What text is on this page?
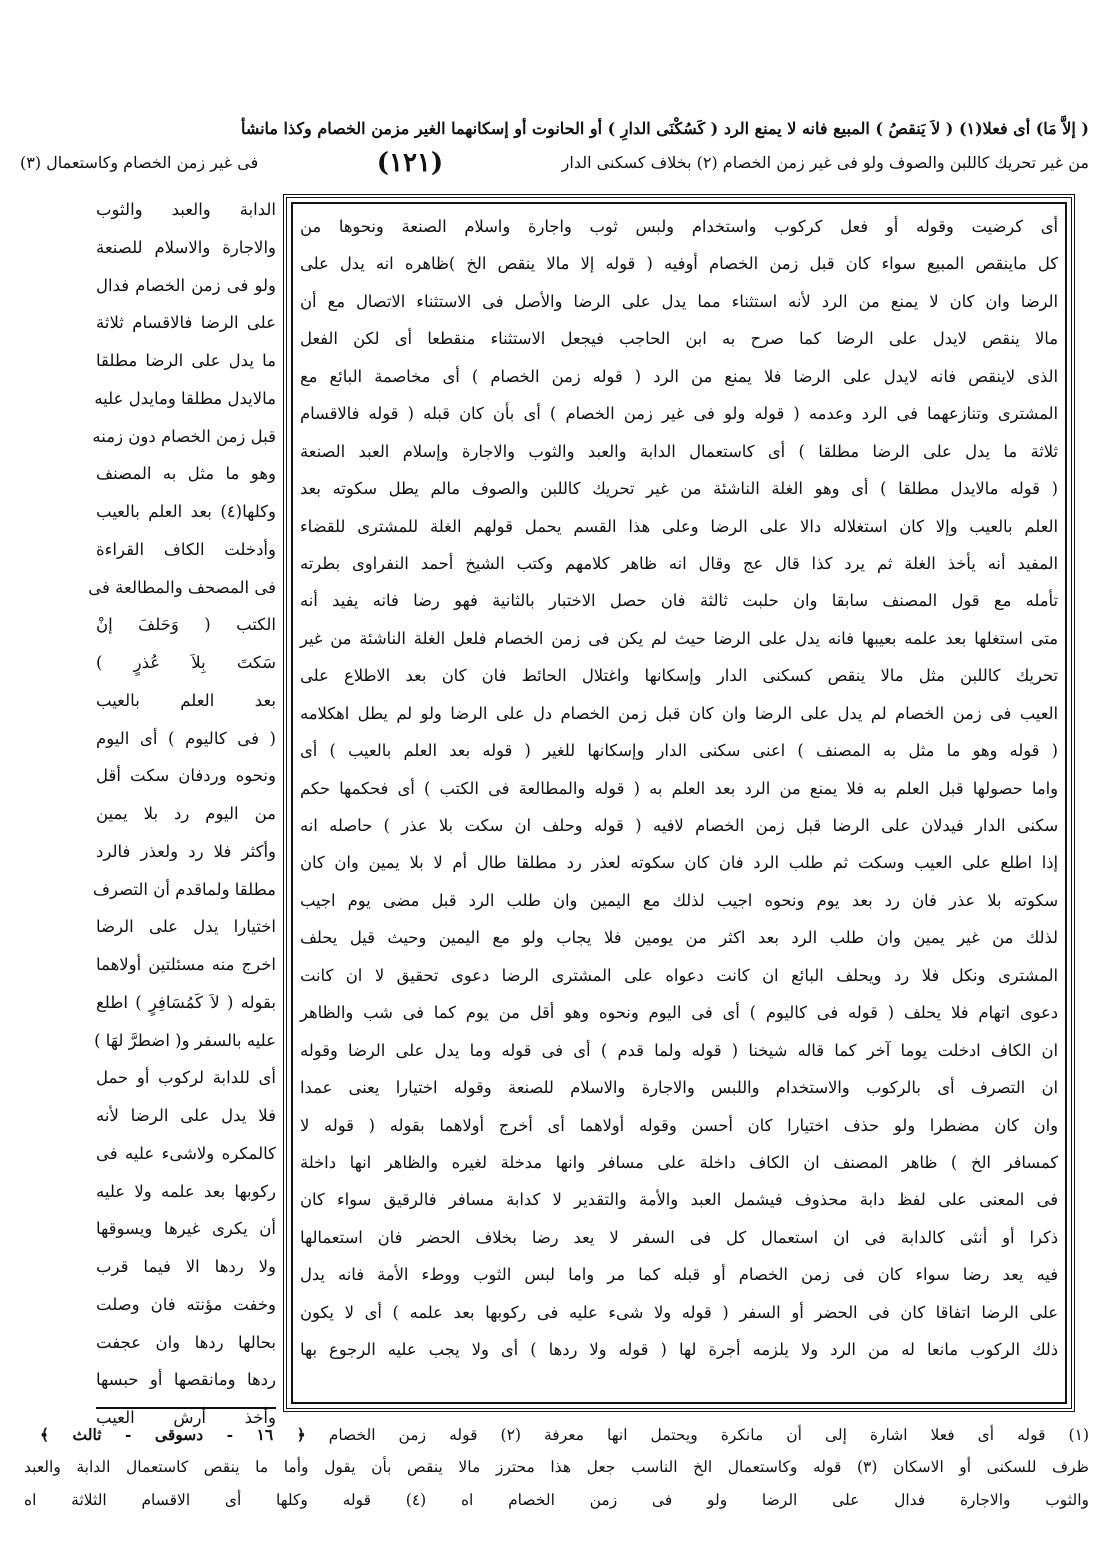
( إلاَّ مَا) أى فعلا(١) ( لاَ يَنقصُ ) المبيع فانه لا يمنع الرد ( كَسُكْنَى الدارِ ) أو الحانوت أو إسكانهما الغير مزمن الخصام وكذا مانشأ
من غير تحريك كاللبن والصوف ولو فى غير زمن الخصام (٢) بخلاف كسكنى الدار
(١٢١)
فى غير زمن الخصام وكاستعمال (٣)

أى كرضيت وقوله أو فعل كركوب واستخدام ولبس ثوب واجارة واسلام الصنعة ونحوها من

كل ماينقص المبيع سواء كان قبل زمن الخصام أوفيه ( قوله إلا مالا ينقص الخ )ظاهره انه يدل على

الرضا وان كان لا يمنع من الرد لأنه استثناء مما يدل على الرضا والأصل فى الاستثناء الاتصال مع أن

مالا ينقص لايدل على الرضا كما صرح به ابن الحاجب فيجعل الاستثناء منقطعا أى لكن الفعل

الذى لاينقص فانه لايدل على الرضا فلا يمنع من الرد ( قوله زمن الخصام ) أى مخاصمة البائع مع

المشترى وتنازعهما فى الرد وعدمه ( قوله ولو فى غير زمن الخصام ) أى بأن كان قبله ( قوله فالاقسام

ثلاثة ما يدل على الرضا مطلقا ) أى كاستعمال الدابة والعبد والثوب والاجارة وإسلام العبد الصنعة

( قوله مالايدل مطلقا ) أى وهو الغلة الناشئة من غير تحريك كاللبن والصوف مالم يطل سكوته بعد

العلم بالعيب وإلا كان استغلاله دالا على الرضا وعلى هذا القسم يحمل قولهم الغلة للمشترى للقضاء

المفيد أنه يأخذ الغلة ثم يرد كذا قال عج وقال انه ظاهر كلامهم وكتب الشيخ أحمد النفراوى بطرته

تأمله مع قول المصنف سابقا وان حلبت ثالثة فان حصل الاختبار بالثانية فهو رضا فانه يفيد أنه

متى استغلها بعد علمه بعيبها فانه يدل على الرضا حيث لم يكن فى زمن الخصام فلعل الغلة الناشئة من غير

تحريك كاللبن مثل مالا ينقص كسكنى الدار وإسكانها واغتلال الحائط فان كان بعد الاطلاع على

العيب فى زمن الخصام لم يدل على الرضا وان كان قبل زمن الخصام دل على الرضا ولو لم يطل اهكلامه

( قوله وهو ما مثل به المصنف ) اعنى سكنى الدار وإسكانها للغير ( قوله بعد العلم بالعيب ) أى

واما حصولها قبل العلم به فلا يمنع من الرد بعد العلم به ( قوله والمطالعة فى الكتب ) أى فحكمها حكم

سكنى الدار فيدلان على الرضا قبل زمن الخصام لافيه ( قوله وحلف ان سكت بلا عذر ) حاصله انه

إذا اطلع على العيب وسكت ثم طلب الرد فان كان سكوته لعذر رد مطلقا طال أم لا بلا يمين وان كان

سكوته بلا عذر فان رد بعد يوم ونحوه اجيب لذلك مع اليمين وان طلب الرد قبل مضى يوم اجيب

لذلك من غير يمين وان طلب الرد بعد اكثر من يومين فلا يجاب ولو مع اليمين وحيث قيل يحلف

المشترى ونكل فلا رد ويحلف البائع ان كانت دعواه على المشترى الرضا دعوى تحقيق لا ان كانت

دعوى اتهام فلا يحلف ( قوله فى كاليوم ) أى فى اليوم ونحوه وهو أقل من يوم كما فى شب والظاهر

ان الكاف ادخلت يوما آخر كما قاله شيخنا ( قوله ولما قدم ) أى فى قوله وما يدل على الرضا وقوله

ان التصرف أى بالركوب والاستخدام واللبس والاجارة والاسلام للصنعة وقوله اختيارا يعنى عمدا

وان كان مضطرا ولو حذف اختيارا كان أحسن وقوله أولاهما أى أخرج أولاهما بقوله ( قوله لا

كمسافر الخ ) ظاهر المصنف ان الكاف داخلة على مسافر وانها مدخلة لغيره والظاهر انها داخلة

فى المعنى على لفظ دابة محذوف فيشمل العبد والأمة والتقدير لا كدابة مسافر فالرقيق سواء كان

ذكرا أو أنثى كالدابة فى ان استعمال كل فى السفر لا يعد رضا بخلاف الحضر فان استعمالها

فيه يعد رضا سواء كان فى زمن الخصام أو قبله كما مر واما لبس الثوب ووطء الأمة فانه يدل

على الرضا اتفاقا كان فى الحضر أو السفر ( قوله ولا شىء عليه فى ركوبها بعد علمه ) أى لا يكون

ذلك الركوب مانعا له من الرد ولا يلزمه أجرة لها ( قوله ولا ردها ) أى ولا يجب عليه الرجوع بها

الدابة والعبد والثوب

والاجارة والاسلام للصنعة

ولو فى زمن الخصام فدال

على الرضا فالاقسام ثلاثة

ما يدل على الرضا مطلقا

مالايدل مطلقا ومايدل عليه

قبل زمن الخصام دون زمنه

وهو ما مثل به المصنف

وكلها(٤) بعد العلم بالعيب

وأدخلت الكاف القراءة

فى المصحف والمطالعة فى

الكتب ( وَحَلفَ إنْ

سَكتَ بِلاَ عُذرٍ )

بعد العلم بالعيب

( فى كاليوم ) أى اليوم

ونحوه وردفان سكت أقل

من اليوم رد بلا يمين

وأكثر فلا رد ولعذر فالرد

مطلقا ولماقدم أن التصرف

اختيارا يدل على الرضا

اخرج منه مسئلتين أولاهما

بقوله ( لاَ كَمُسَافِرٍ ) اطلع

عليه بالسفر و( اضطرَّ لهَا )

أى للدابة لركوب أو حمل

فلا يدل على الرضا لأنه

كالمكره ولاشىء عليه فى

ركوبها بعد علمه ولا عليه

أن يكرى غيرها ويسوقها

ولا ردها الا فيما قرب

وخفت مؤنته فان وصلت

بحالها ردها وان عجفت

ردها ومانقصها أو حبسها

وأخذ أرش العيب

(١) قوله أى فعلا اشارة إلى أن مانكرة ويحتمل انها معرفة (٢) قوله زمن الخصام ﴿ ١٦ - دسوقى - ثالث ﴾

ظرف للسكنى أو الاسكان (٣) قوله وكاستعمال الخ الناسب جعل هذا محترز مالا ينقص بأن يقول وأما ما ينقص كاستعمال الدابة والعبد

والثوب والاجارة فدال على الرضا ولو فى زمن الخصام اه (٤) قوله وكلها أى الاقسام الثلاثة اه
